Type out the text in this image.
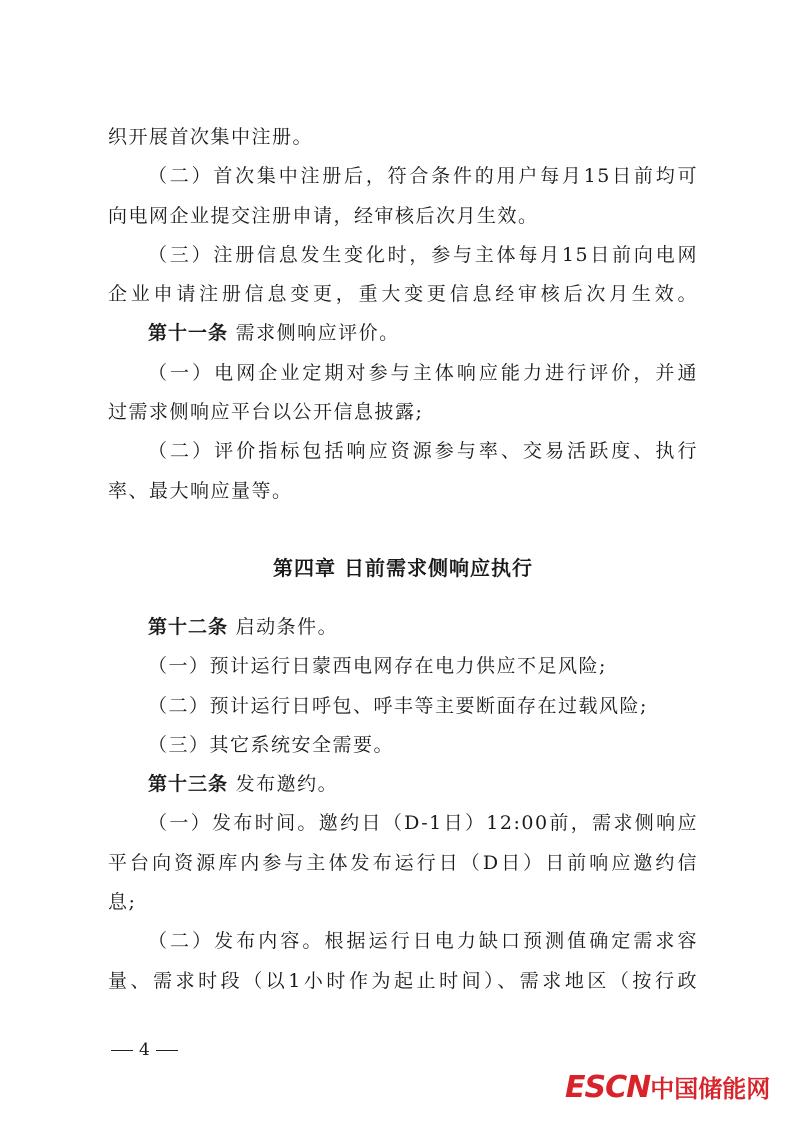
织开展首次集中注册。
（二）首次集中注册后，符合条件的用户每月15日前均可
向电网企业提交注册申请，经审核后次月生效。
（三）注册信息发生变化时，参与主体每月15日前向电网
企业申请注册信息变更，重大变更信息经审核后次月生效。
第十一条 需求侧响应评价。
（一）电网企业定期对参与主体响应能力进行评价，并通
过需求侧响应平台以公开信息披露;
（二）评价指标包括响应资源参与率、交易活跃度、执行
率、最大响应量等。
第四章 日前需求侧响应执行
第十二条 启动条件。
（一）预计运行日蒙西电网存在电力供应不足风险;
（二）预计运行日呼包、呼丰等主要断面存在过载风险;
（三）其它系统安全需要。
第十三条 发布邀约。
（一）发布时间。邀约日（D-1日）12:00前，需求侧响应
平台向资源库内参与主体发布运行日（D日）日前响应邀约信
息;
（二）发布内容。根据运行日电力缺口预测值确定需求容
量、需求时段（以1小时作为起止时间）、需求地区（按行政
4
ESCN中国储能网
